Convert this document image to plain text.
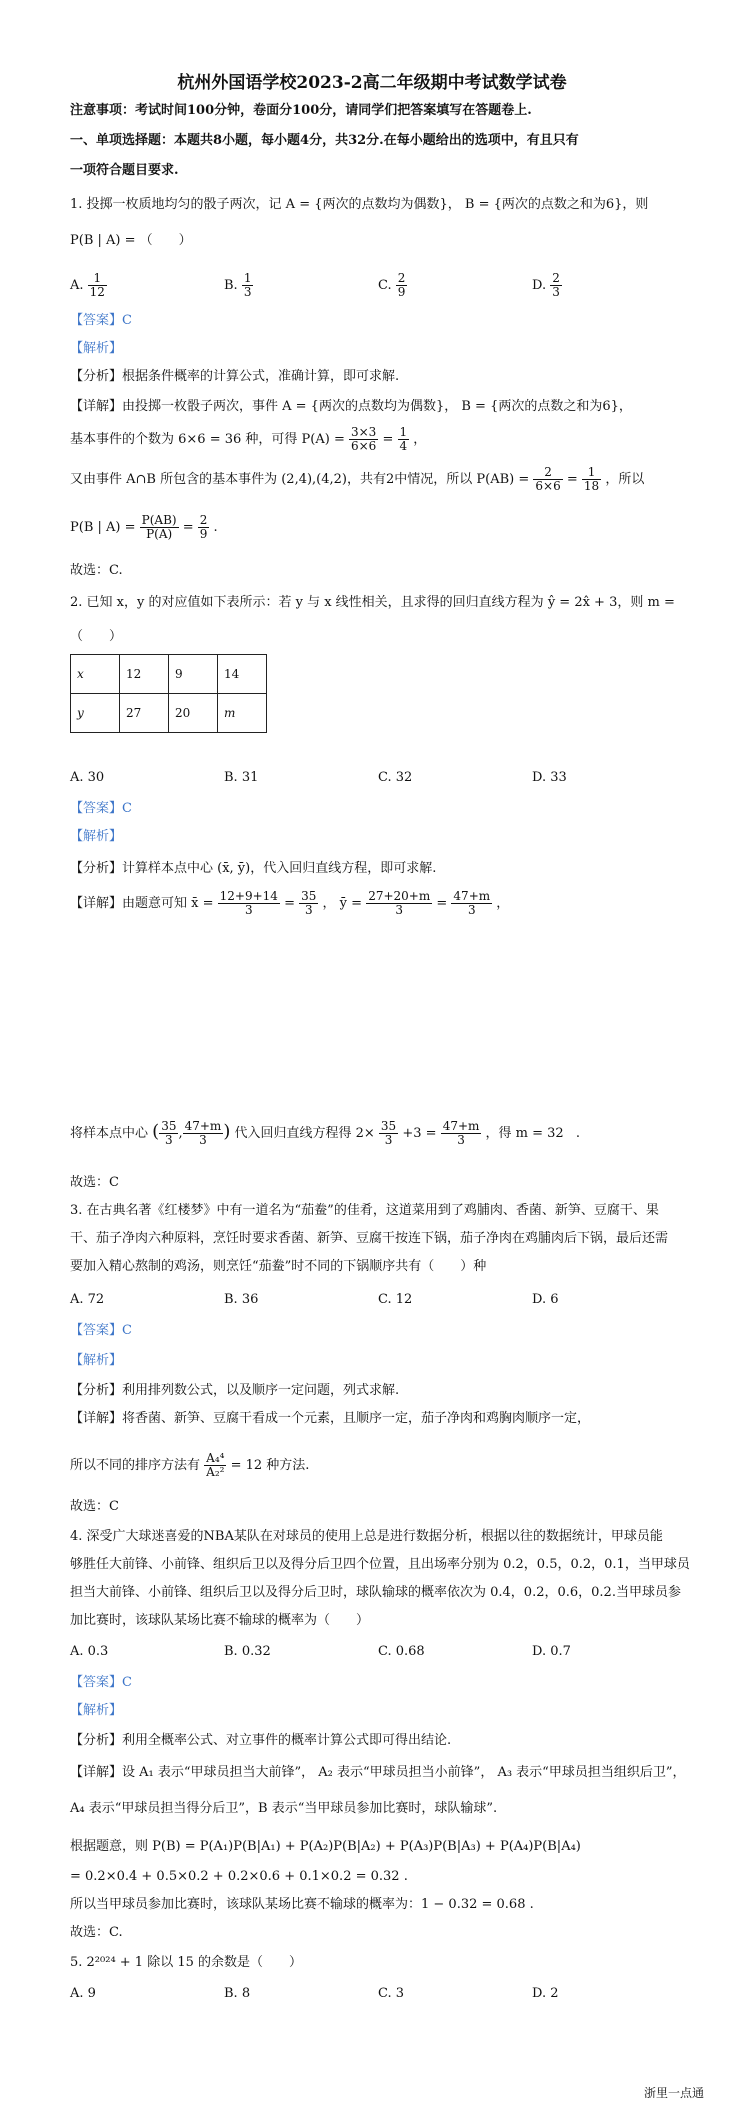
杭州外国语学校2023-2高二年级期中考试数学试卷
注意事项：考试时间100分钟，卷面分100分，请同学们把答案填写在答题卷上.
一、单项选择题：本题共8小题，每小题4分，共32分.在每小题给出的选项中，有且只有
一项符合题目要求.
1. 投掷一枚质地均匀的骰子两次，记 A = {两次的点数均为偶数}， B = {两次的点数之和为6}，则
P(B | A) = （　　）
A. $\frac{1}{12}$	B. $\frac{1}{3}$	C. $\frac{2}{9}$	D. $\frac{2}{3}$
【答案】C
【解析】
【分析】根据条件概率的计算公式，准确计算，即可求解.
【详解】由投掷一枚骰子两次，事件 A = {两次的点数均为偶数}， B = {两次的点数之和为6}，
基本事件的个数为 6×6 = 36 种，可得 $P(A) = \frac{3\times 3}{6\times 6} = \frac{1}{4}$ ，
又由事件 A∩B 所包含的基本事件为 (2,4),(4,2)，共有2中情况，所以 $P(AB) = \frac{2}{6\times 6} = \frac{1}{18}$ ，所以
P(B | $A) = \frac{P(AB)}{P(A)} = \frac{2}{9}$ .
故选：C.
2. 已知 x，y 的对应值如下表所示：若 y 与 x 线性相关，且求得的回归直线方程为 ŷ = 2x̂ + 3，则 m =
（　　）
x	12	9	14
y	27	20	m
A. 30	B. 31	C. 32	D. 33
【答案】C
【解析】
【分析】计算样本点中心 (x̄, ȳ)，代入回归直线方程，即可求解.
【详解】由题意可知 x̄ = $\frac{12+9+14}{3} = \frac{35}{3}$ ， ȳ = $\frac{27+20+m}{3} = \frac{47+m}{3}$ ，
将样本点中心 ( $\frac{35}{3}$ , $\frac{47+m}{3}$ ) 代入回归直线方程得 $2\times \frac{35}{3} +3 = \frac{47+m}{3}$ ，得 m = 32 .
故选：C
3. 在古典名著《红楼梦》中有一道名为“茄鲞”的佳肴，这道菜用到了鸡脯肉、香菌、新笋、豆腐干、果
干、茄子净肉六种原料，烹饪时要求香菌、新笋、豆腐干按连下锅，茄子净肉在鸡脯肉后下锅，最后还需
要加入精心熬制的鸡汤，则烹饪“茄鲞”时不同的下锅顺序共有（　　）种
A. 72	B. 36	C. 12	D. 6
【答案】C
【解析】
【分析】利用排列数公式，以及顺序一定问题，列式求解.
【详解】将香菌、新笋、豆腐干看成一个元素，且顺序一定，茄子净肉和鸡胸肉顺序一定，
所以不同的排序方法有 $\frac{\text{A₄⁴}}{\text{A₂²}} = 12$ 种方法.
故选：C
4. 深受广大球迷喜爱的NBA某队在对球员的使用上总是进行数据分析，根据以往的数据统计，甲球员能
够胜任大前锋、小前锋、组织后卫以及得分后卫四个位置，且出场率分别为 0.2，0.5，0.2，0.1，当甲球员
担当大前锋、小前锋、组织后卫以及得分后卫时，球队输球的概率依次为 0.4，0.2，0.6，0.2.当甲球员参
加比赛时，该球队某场比赛不输球的概率为（　　）
A. 0.3	B. 0.32	C. 0.68	D. 0.7
【答案】C
【解析】
【分析】利用全概率公式、对立事件的概率计算公式即可得出结论.
【详解】设 A₁ 表示“甲球员担当大前锋”， A₂ 表示“甲球员担当小前锋”， A₃ 表示“甲球员担当组织后卫”，
A₄ 表示“甲球员担当得分后卫”，B 表示“当甲球员参加比赛时，球队输球”.
根据题意，则 P(B) = P(A₁)P(B|A₁) + P(A₂)P(B|A₂) + P(A₃)P(B|A₃) + P(A₄)P(B|A₄)
= 0.2×0.4 + 0.5×0.2 + 0.2×0.6 + 0.1×0.2 = 0.32 .
所以当甲球员参加比赛时，该球队某场比赛不输球的概率为：1 − 0.32 = 0.68 .
故选：C.
5. 2²⁰²⁴ + 1 除以 15 的余数是（　　）
A. 9	B. 8	C. 3	D. 2
浙里一点通
